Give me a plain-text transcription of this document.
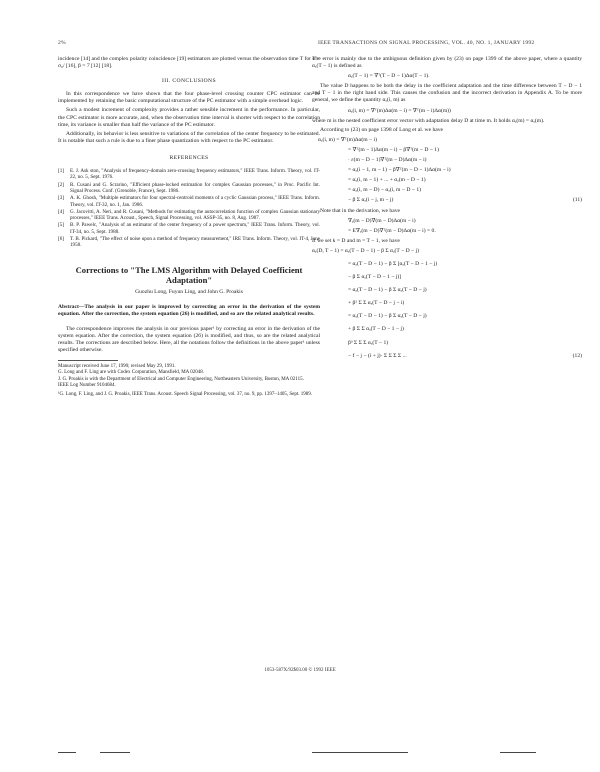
2%	IEEE TRANSACTIONS ON SIGNAL PROCESSING, VOL. 40, NO. 1, JANUARY 1992

incidence [14] and the complex polarity coincidence [19] estimators are plotted versus the observation time T for σ = σ₀/ [16], β = 7 [12] [18].

III. CONCLUSIONS

In this correspondence we have shown that the four phase-level crossing counter CPC estimator can be implemented by retaining the basic computational structure of the PC estimator with a simple overhead logic.

Such a modest increment of complexity provides a rather sensible increment in the performance. In particular, the CPC estimator is more accurate, and, when the observation time interval is shorter with respect to the correlation time, its variance is smaller than half the variance of the PC estimator.

Additionally, its behavior is less sensitive to variations of the correlation of the center frequency to be estimated. It is notable that such a rule is due to a finer phase quantization with respect to the PC estimator.

REFERENCES
[1] E. J. Ask ston, "Analysis of frequency-domain zero-crossing frequency estimators," IEEE Trans. Inform. Theory, vol. IT-22, no. 5, Sept. 1976.
[2] R. Cusani and G. Scrarino, "Efficient phase-locked estimation for complex Gaussian processes," in Proc. Pacific Int. Signal Process. Conf. (Grenoble, France), Sept. 1986.
[3] A. K. Ghosh, "Multiple estimators for four spectral-centroid moments of a cyclic Gaussian process," IEEE Trans. Inform. Theory, vol. IT-32, no. 1, Jan. 1986.
[4] G. Jacovitti, A. Neri, and R. Cusani, "Methods for estimating the autocorrelation function of complex Gaussian stationary processes," IEEE Trans. Acoust., Speech, Signal Processing, vol. ASSP-35, no. 8, Aug. 1987.
[5] B. P. Pawelc, "Analysis of an estimator of the center frequency of a power spectrum," IEEE Trans. Inform. Theory, vol. IT-34, no. 5, Sept. 1988.
[6] T. B. Pickard, "The effect of noise upon a method of frequency measurement," IRE Trans. Inform. Theory, vol. IT-4, June 1958.
Corrections to "The LMS Algorithm with Delayed Coefficient Adaptation"
Guozhu Long, Fuyun Ling, and John G. Proakis
Abstract—The analysis in our paper is improved by correcting an error in the derivation of the system equation. After the correction, the system equation (26) is modified, and so are the related analytical results.

The correspondence improves the analysis in our previous paper¹ by correcting an error in the derivation of the system equation. After the correction, the system equation (26) is modified, and thus, so are the related analytical results. The corrections are described below. Here, all the notations follow the definitions in the above paper¹ unless specified otherwise.

Manuscript received June 17, 1990; revised May 29, 1991.
G. Long and F. Ling are with Codex Corporation, Mansfield, MA 02048.
J. G. Proakis is with the Department of Electrical and Computer Engineering, Northeastern University, Boston, MA 02115.
IEEE Log Number 9104684.
¹G. Long, F. Ling, and J. G. Proakis, IEEE Trans. Acoust. Speech Signal Processing, vol. 37, no. 9, pp. 1397–1405, Sept. 1989.

The error is mainly due to the ambiguous definition given by (23) on page 1399 of the above paper, where a quantity αₐ(T − 1) is defined as

αₐ(T − 1) = ∇ᵀ(T − D − 1)Δα(T − 1).

The value D happens to be both the delay in the coefficient adaptation and the time difference between T − D − 1 and T − 1 in the right hand side. This causes the confusion and the incorrect derivation in Appendix A. To be more general, we define the quantity αₐ(i, m) as

αₐ(i, m) = ∇ᵀ(m)Δα(m − i) = ∇ᵀ(m − i)Δα(m))

where m is the nested coefficient error vector with adaptation delay D at time m. It holds αₐ(m) = αₐ(m).

According to (23) on page 1398 of Long et al. we have

αₐ(i, m) = ∇ᵀ(m)Δα(m − i)
= ∇ᵀ(m − 1)Δα(m − i) − β∇ᵀ(m − D − 1)
· ε(m − D − 1)∇ᵀ(m − D)Δα(m − i)
= αₐ(i − 1, m − 1) − β∇ᵀ(m − D − 1)Δα(m − i)
= αₐ(i, m − 1) + ... + αₐ(m − D − 1)
= αₐ(i, m − D) − αₐ(i, m − D − 1)
− β Σ αₐ(i − j, m − j)	(11)

Note that in the derivation, we have

∇ₐ(m − D)∇(m − D)Δα(m − i)
= E∇ₐ(m − D)∇ᵀ(m − D)Δα(m − i) = 0.

If we set k = D and m = T − 1, we have

αₐ(D, T − 1) = αₐ(T − D − 1) − β Σ αₐ(T − D − j)
= αₐ(T − D − 1) − β Σ [αₐ(T − D − 1 − j)
− β Σ αₐ(T − D − 1 − j)]
= αₐ(T − D − 1) − β Σ αₐ(T − D − j)
+ β² Σ Σ αₐ(T − D − j − i)
= αₐ(T − D − 1) − β Σ αₐ(T − D − j)
+ β Σ Σ αₐ(T − D − 1 − j)
β³ Σ Σ Σ αₐ(T − 1)
− f − j − (i + j)· Σ Σ Σ Σ ...	(12)
1053-587X/92$03.00 © 1992 IEEE
